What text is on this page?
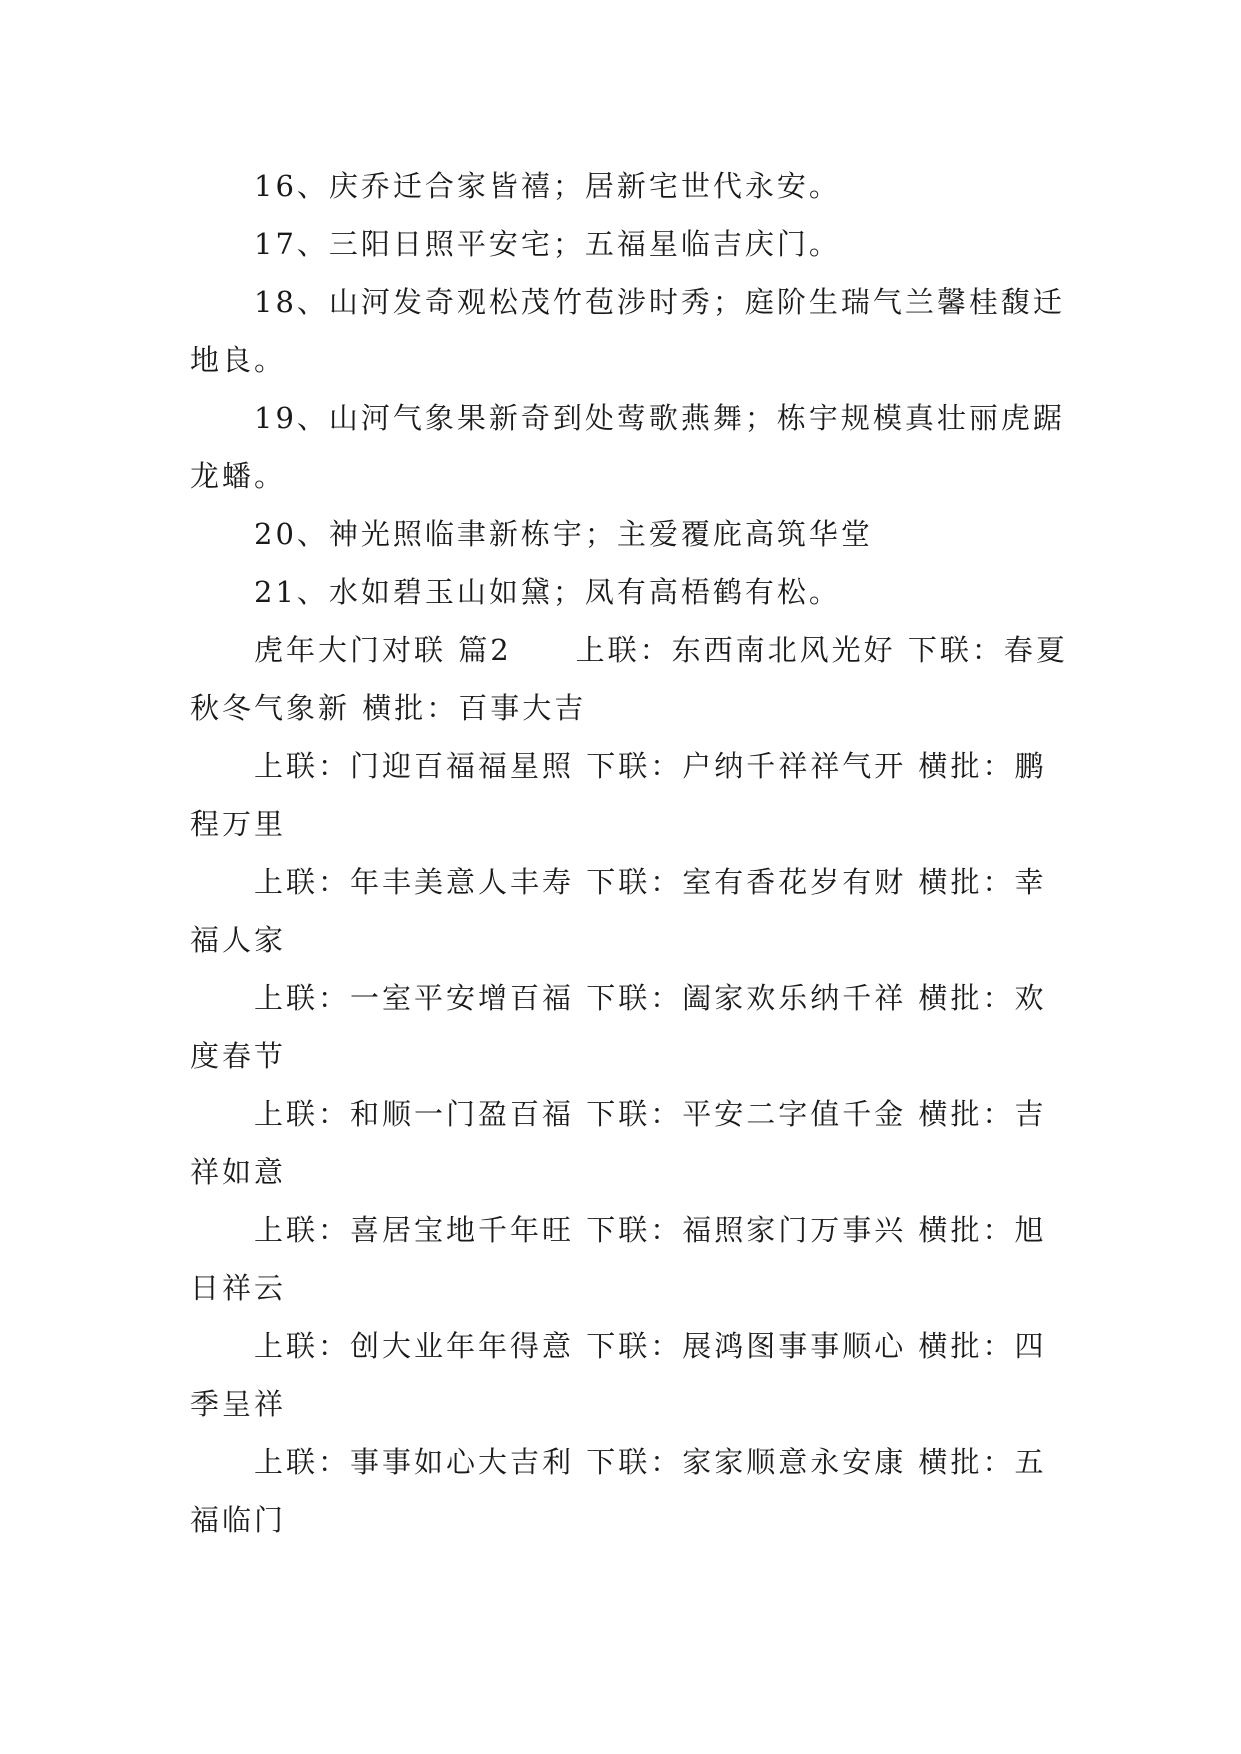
16、庆乔迁合家皆禧；居新宅世代永安。

17、三阳日照平安宅；五福星临吉庆门。

18、山河发奇观松茂竹苞涉时秀；庭阶生瑞气兰馨桂馥迁地良。

19、山河气象果新奇到处莺歌燕舞；栋宇规模真壮丽虎踞龙蟠。

20、神光照临聿新栋宇；主爱覆庇高筑华堂

21、水如碧玉山如黛；凤有高梧鹤有松。

虎年大门对联 篇2　　上联：东西南北风光好 下联：春夏秋冬气象新 横批：百事大吉

上联：门迎百福福星照 下联：户纳千祥祥气开 横批：鹏程万里

上联：年丰美意人丰寿 下联：室有香花岁有财 横批：幸福人家

上联：一室平安增百福 下联：阖家欢乐纳千祥 横批：欢度春节

上联：和顺一门盈百福 下联：平安二字值千金 横批：吉祥如意

上联：喜居宝地千年旺 下联：福照家门万事兴 横批：旭日祥云

上联：创大业年年得意 下联：展鸿图事事顺心 横批：四季呈祥

上联：事事如心大吉利 下联：家家顺意永安康 横批：五福临门
